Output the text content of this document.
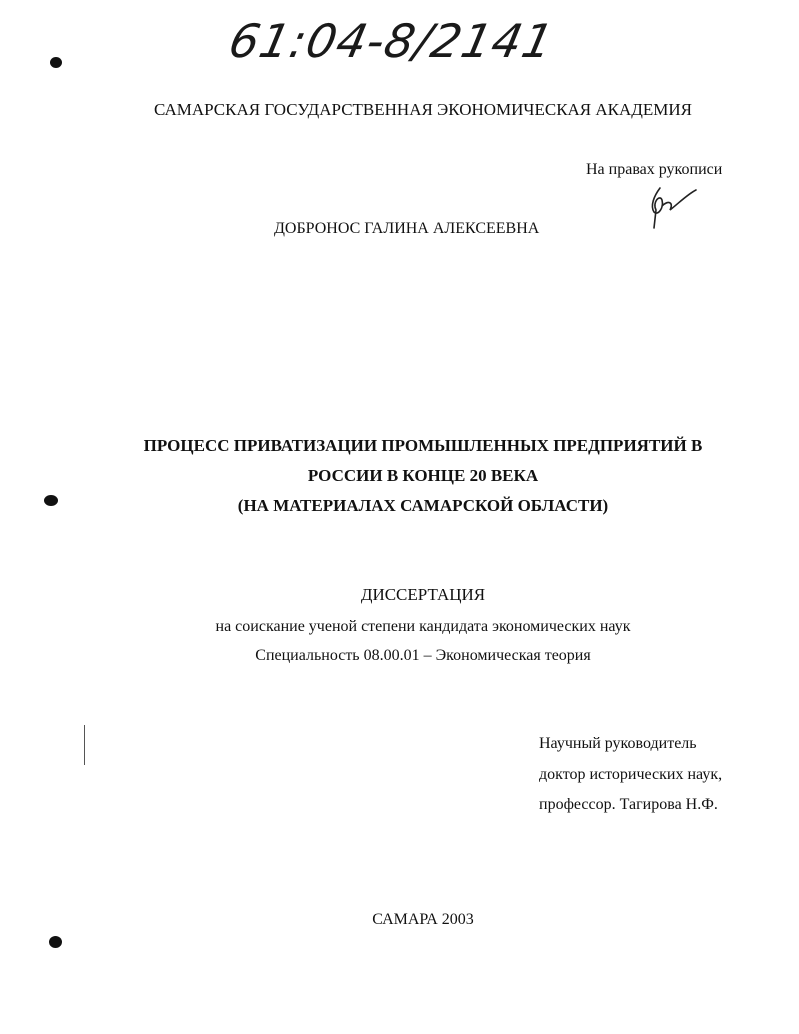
61:04-8/2141
САМАРСКАЯ ГОСУДАРСТВЕННАЯ ЭКОНОМИЧЕСКАЯ АКАДЕМИЯ
На правах рукописи
ДОБРОНОС ГАЛИНА АЛЕКСЕЕВНА
ПРОЦЕСС ПРИВАТИЗАЦИИ ПРОМЫШЛЕННЫХ ПРЕДПРИЯТИЙ В
РОССИИ В КОНЦЕ 20 ВЕКА
(НА МАТЕРИАЛАХ САМАРСКОЙ ОБЛАСТИ)
ДИССЕРТАЦИЯ
на соискание ученой степени кандидата экономических наук
Специальность 08.00.01 – Экономическая теория
Научный руководитель
доктор исторических наук,
профессор. Тагирова Н.Ф.
САМАРА 2003
